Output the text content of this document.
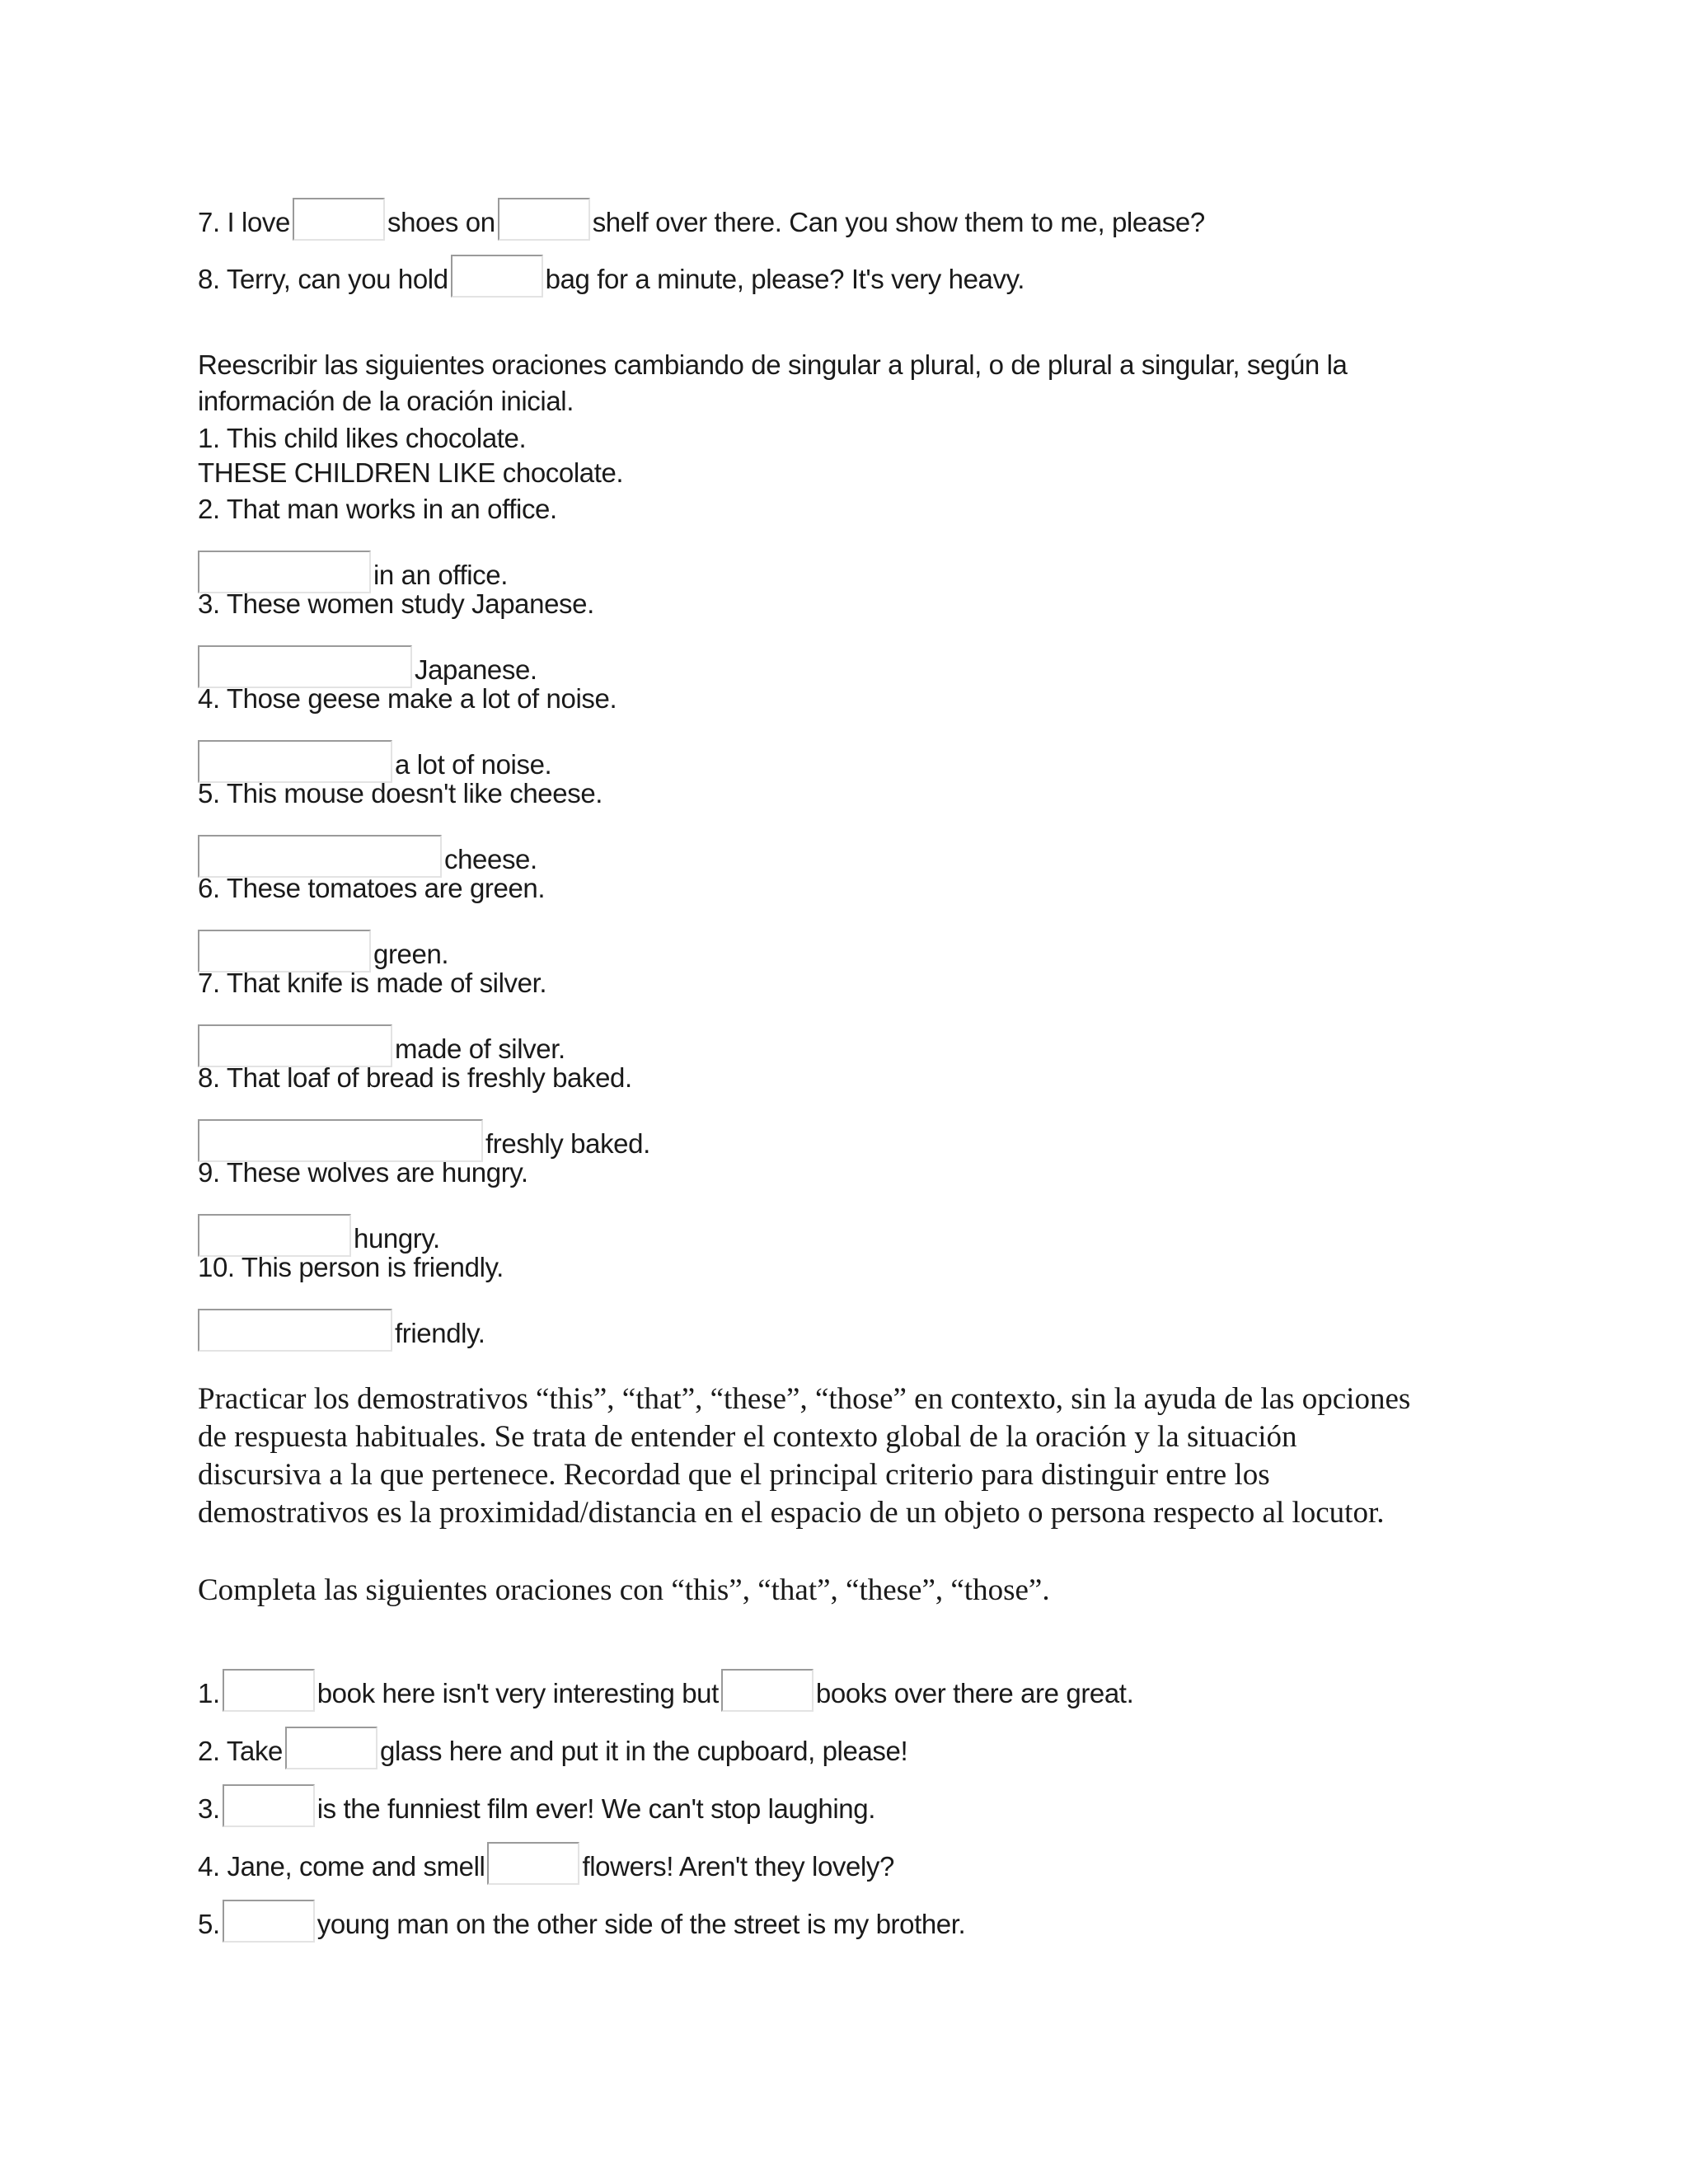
7. I love	shoes on	shelf over there. Can you show them to me, please?
8. Terry, can you hold	bag for a minute, please? It's very heavy.
Reescribir las siguientes oraciones cambiando de singular a plural, o de plural a singular, según la
información de la oración inicial.
1. This child likes chocolate.
THESE CHILDREN LIKE chocolate.
2. That man works in an office.
in an office.
3. These women study Japanese.
Japanese.
4. Those geese make a lot of noise.
a lot of noise.
5. This mouse doesn't like cheese.
cheese.
6. These tomatoes are green.
green.
7. That knife is made of silver.
made of silver.
8. That loaf of bread is freshly baked.
freshly baked.
9. These wolves are hungry.
hungry.
10. This person is friendly.
friendly.
Practicar los demostrativos “this”, “that”, “these”, “those” en contexto, sin la ayuda de las opciones
de respuesta habituales. Se trata de entender el contexto global de la oración y la situación
discursiva a la que pertenece. Recordad que el principal criterio para distinguir entre los
demostrativos es la proximidad/distancia en el espacio de un objeto o persona respecto al locutor.
Completa las siguientes oraciones con “this”, “that”, “these”, “those”.
1.	book here isn't very interesting but	books over there are great.
2. Take	glass here and put it in the cupboard, please!
3.	is the funniest film ever! We can't stop laughing.
4. Jane, come and smell	flowers! Aren't they lovely?
5.	young man on the other side of the street is my brother.
